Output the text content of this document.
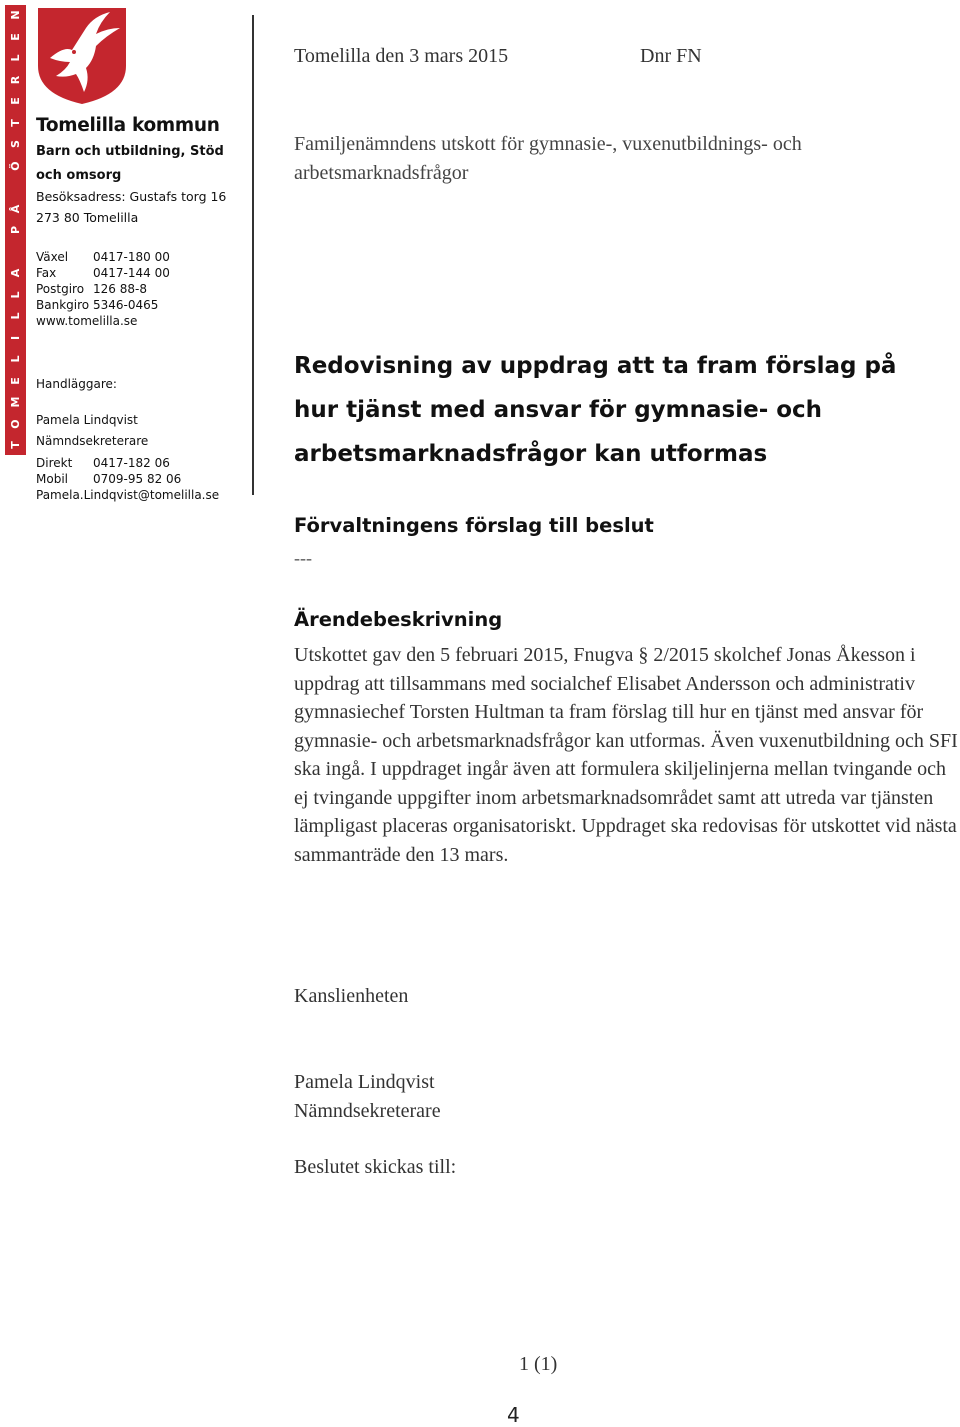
T
O
M
E
L
I
L
L
A

P
Å

Ö
S
T
E
R
L
E
N
Tomelilla kommun
Barn och utbildning, Stöd och omsorg
Besöksadress: Gustafs torg 16
273 80 Tomelilla
Växel	0417-180 00
Fax	0417-144 00
Postgiro 126 88-8
Bankgiro 5346-0465
www.tomelilla.se
Handläggare:
Pamela Lindqvist
Nämndsekreterare
Direkt	0417-182 06
Mobil	0709-95 82 06
Pamela.Lindqvist@tomelilla.se
Tomelilla den 3 mars 2015	Dnr FN
Familjenämndens utskott för gymnasie-, vuxenutbildnings- och arbetsmarknadsfrågor
Redovisning av uppdrag att ta fram förslag på hur tjänst med ansvar för gymnasie- och arbetsmarknadsfrågor kan utformas
Förvaltningens förslag till beslut
---
Ärendebeskrivning
Utskottet gav den 5 februari 2015, Fnugva § 2/2015 skolchef Jonas Åkesson i uppdrag att tillsammans med socialchef Elisabet Andersson och administrativ gymnasiechef Torsten Hultman ta fram förslag till hur en tjänst med ansvar för gymnasie- och arbetsmarknadsfrågor kan utformas. Även vuxenutbildning och SFI ska ingå. I uppdraget ingår även att formulera skiljelinjerna mellan tvingande och ej tvingande uppgifter inom arbetsmarknadsområdet samt att utreda var tjänsten lämpligast placeras organisatoriskt. Uppdraget ska redovisas för utskottet vid nästa sammanträde den 13 mars.
Kanslienheten
Pamela Lindqvist
Nämndsekreterare
Beslutet skickas till:
1 (1)
4
